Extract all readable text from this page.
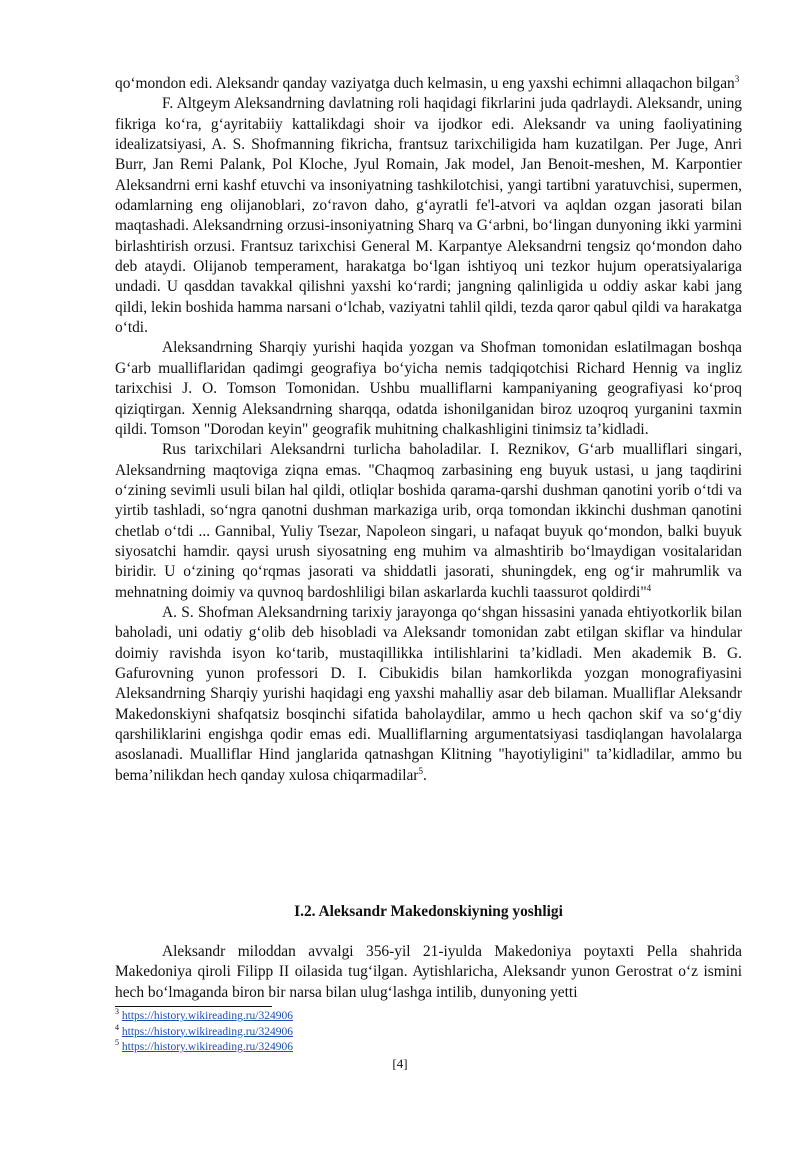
qo‘mondon edi. Aleksandr qanday vaziyatga duch kelmasin, u eng yaxshi echimni allaqachon bilgan$^3$

F. Altgeym Aleksandrning davlatning roli haqidagi fikrlarini juda qadrlaydi. Aleksandr, uning fikriga ko‘ra, g‘ayritabiiy kattalikdagi shoir va ijodkor edi. Aleksandr va uning faoliyatining idealizatsiyasi, A. S. Shofmanning fikricha, frantsuz tarixchiligida ham kuzatilgan. Per Juge, Anri Burr, Jan Remi Palank, Pol Kloche, Jyul Romain, Jak model, Jan Benoit-meshen, M. Karpontier Aleksandrni erni kashf etuvchi va insoniyatning tashkilotchisi, yangi tartibni yaratuvchisi, supermen, odamlarning eng olijanoblari, zo‘ravon daho, g‘ayratli fe'l-atvori va aqldan ozgan jasorati bilan maqtashadi. Aleksandrning orzusi-insoniyatning Sharq va G‘arbni, bo‘lingan dunyoning ikki yarmini birlashtirish orzusi. Frantsuz tarixchisi General M. Karpantye Aleksandrni tengsiz qo‘mondon daho deb ataydi. Olijanob temperament, harakatga bo‘lgan ishtiyoq uni tezkor hujum operatsiyalariga undadi. U qasddan tavakkal qilishni yaxshi ko‘rardi; jangning qalinligida u oddiy askar kabi jang qildi, lekin boshida hamma narsani o‘lchab, vaziyatni tahlil qildi, tezda qaror qabul qildi va harakatga o‘tdi.

Aleksandrning Sharqiy yurishi haqida yozgan va Shofman tomonidan eslatilmagan boshqa G‘arb mualliflaridan qadimgi geografiya bo‘yicha nemis tadqiqotchisi Richard Hennig va ingliz tarixchisi J. O. Tomson Tomonidan. Ushbu mualliflarni kampaniyaning geografiyasi ko‘proq qiziqtirgan. Xennig Aleksandrning sharqqa, odatda ishonilganidan biroz uzoqroq yurganini taxmin qildi. Tomson "Dorodan keyin" geografik muhitning chalkashligini tinimsiz ta’kidladi.

Rus tarixchilari Aleksandrni turlicha baholadilar. I. Reznikov, G‘arb mualliflari singari, Aleksandrning maqtoviga ziqna emas. "Chaqmoq zarbasining eng buyuk ustasi, u jang taqdirini o‘zining sevimli usuli bilan hal qildi, otliqlar boshida qarama-qarshi dushman qanotini yorib o‘tdi va yirtib tashladi, so‘ngra qanotni dushman markaziga urib, orqa tomondan ikkinchi dushman qanotini chetlab o‘tdi ... Gannibal, Yuliy Tsezar, Napoleon singari, u nafaqat buyuk qo‘mondon, balki buyuk siyosatchi hamdir. qaysi urush siyosatning eng muhim va almashtirib bo‘lmaydigan vositalaridan biridir. U o‘zining qo‘rqmas jasorati va shiddatli jasorati, shuningdek, eng og‘ir mahrumlik va mehnatning doimiy va quvnoq bardoshliligi bilan askarlarda kuchli taassurot qoldirdi"$^4$

A. S. Shofman Aleksandrning tarixiy jarayonga qo‘shgan hissasini yanada ehtiyotkorlik bilan baholadi, uni odatiy g‘olib deb hisobladi va Aleksandr tomonidan zabt etilgan skiflar va hindular doimiy ravishda isyon ko‘tarib, mustaqillikka intilishlarini ta’kidladi. Men akademik B. G. Gafurovning yunon professori D. I. Cibukidis bilan hamkorlikda yozgan monografiyasini Aleksandrning Sharqiy yurishi haqidagi eng yaxshi mahalliy asar deb bilaman. Mualliflar Aleksandr Makedonskiyni shafqatsiz bosqinchi sifatida baholaydilar, ammo u hech qachon skif va so‘g‘diy qarshiliklarini engishga qodir emas edi. Mualliflarning argumentatsiyasi tasdiqlangan havolalarga asoslanadi. Mualliflar Hind janglarida qatnashgan Klitning "hayotiyligini" ta’kidladilar, ammo bu bema’nilikdan hech qanday xulosa chiqarmadilar$^5$.

I.2. Aleksandr Makedonskiyning yoshligi

Aleksandr miloddan avvalgi 356-yil 21-iyulda Makedoniya poytaxti Pella shahrida Makedoniya qiroli Filipp II oilasida tug‘ilgan. Aytishlaricha, Aleksandr yunon Gerostrat o‘z ismini hech bo‘lmaganda biron bir narsa bilan ulug‘lashga intilib, dunyoning yetti

$^3$ https://history.wikireading.ru/324906
$^4$ https://history.wikireading.ru/324906
$^5$ https://history.wikireading.ru/324906
[4]
